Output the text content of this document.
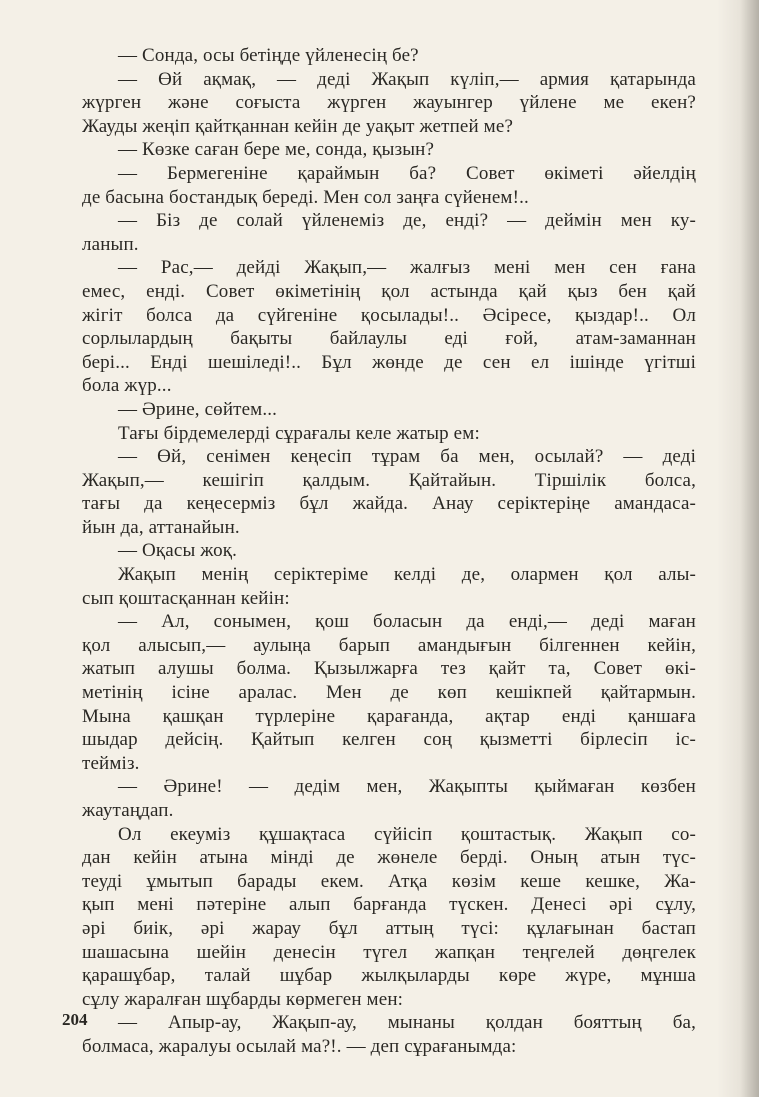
— Сонда, осы бетіңде үйленесің бе?
— Өй ақмақ, — деді Жақып күліп,— армия қатарында
жүрген және соғыста жүрген жауынгер үйлене ме екен?
Жауды жеңіп қайтқаннан кейін де уақыт жетпей ме?
— Көзке саған бере ме, сонда, қызын?
— Бермегеніне қараймын ба? Совет өкіметі әйелдің
де басына бостандық береді. Мен сол заңға сүйенем!..
— Біз де солай үйленеміз де, енді? — деймін мен ку-
ланып.
— Рас,— дейді Жақып,— жалғыз мені мен сен ғана
емес, енді. Совет өкіметінің қол астында қай қыз бен қай
жігіт болса да сүйгеніне қосылады!.. Әсіресе, қыздар!.. Ол
сорлылардың бақыты байлаулы еді ғой, атам-заманнан
бері... Енді шешіледі!.. Бұл жөнде де сен ел ішінде үгітші
бола жүр...
— Әрине, сөйтем...
Тағы бірдемелерді сұрағалы келе жатыр ем:
— Өй, сенімен кеңесіп тұрам ба мен, осылай? — деді
Жақып,— кешігіп қалдым. Қайтайын. Тіршілік болса,
тағы да кеңесерміз бұл жайда. Анау серіктеріңе амандаса-
йын да, аттанайын.
— Оқасы жоқ.
Жақып менің серіктеріме келді де, олармен қол алы-
сып қоштасқаннан кейін:
— Ал, сонымен, қош боласын да енді,— деді маған
қол алысып,— аулыңа барып амандығын білгеннен кейін,
жатып алушы болма. Қызылжарға тез қайт та, Совет өкі-
метінің ісіне аралас. Мен де көп кешікпей қайтармын.
Мына қашқан түрлеріне қарағанда, ақтар енді қаншаға
шыдар дейсің. Қайтып келген соң қызметті бірлесіп іс-
тейміз.
— Әрине! — дедім мен, Жақыпты қыймаған көзбен
жаутаңдап.
Ол екеуміз құшақтаса сүйісіп қоштастық. Жақып со-
дан кейін атына мінді де жөнеле берді. Оның атын түс-
теуді ұмытып барады екем. Атқа көзім кеше кешке, Жа-
қып мені пәтеріне алып барғанда түскен. Денесі әрі сұлу,
әрі биік, әрі жарау бұл аттың түсі: құлағынан бастап
шашасына шейін денесін түгел жапқан теңгелей дөңгелек
қарашұбар, талай шұбар жылқыларды көре жүре, мұнша
сұлу жаралған шұбарды көрмеген мен:
— Апыр-ау, Жақып-ау, мынаны қолдан бояттың ба,
болмаса, жаралуы осылай ма?!. — деп сұрағанымда:
204
